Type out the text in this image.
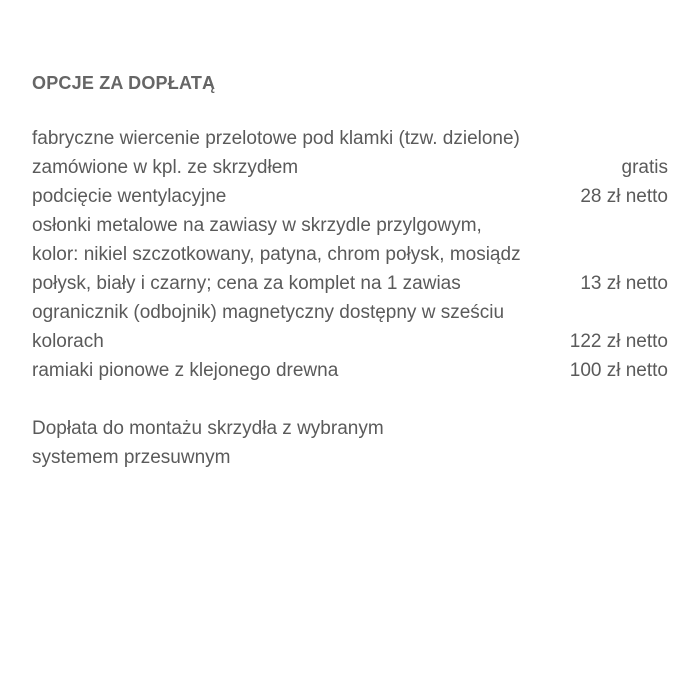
OPCJE ZA DOPŁATĄ
fabryczne wiercenie przelotowe pod klamki (tzw. dzielone) zamówione w kpl. ze skrzydłem	gratis
podcięcie wentylacyjne	28 zł netto
osłonki metalowe na zawiasy w skrzydle przylgowym, kolor: nikiel szczotkowany, patyna, chrom połysk, mosiądz połysk, biały i czarny; cena za komplet na 1 zawias	13 zł netto
ogranicznik (odbojnik) magnetyczny dostępny w sześciu kolorach	122 zł netto
ramiaki pionowe z klejonego drewna	100 zł netto
Dopłata do montażu skrzydła z wybranym systemem przesuwnym
